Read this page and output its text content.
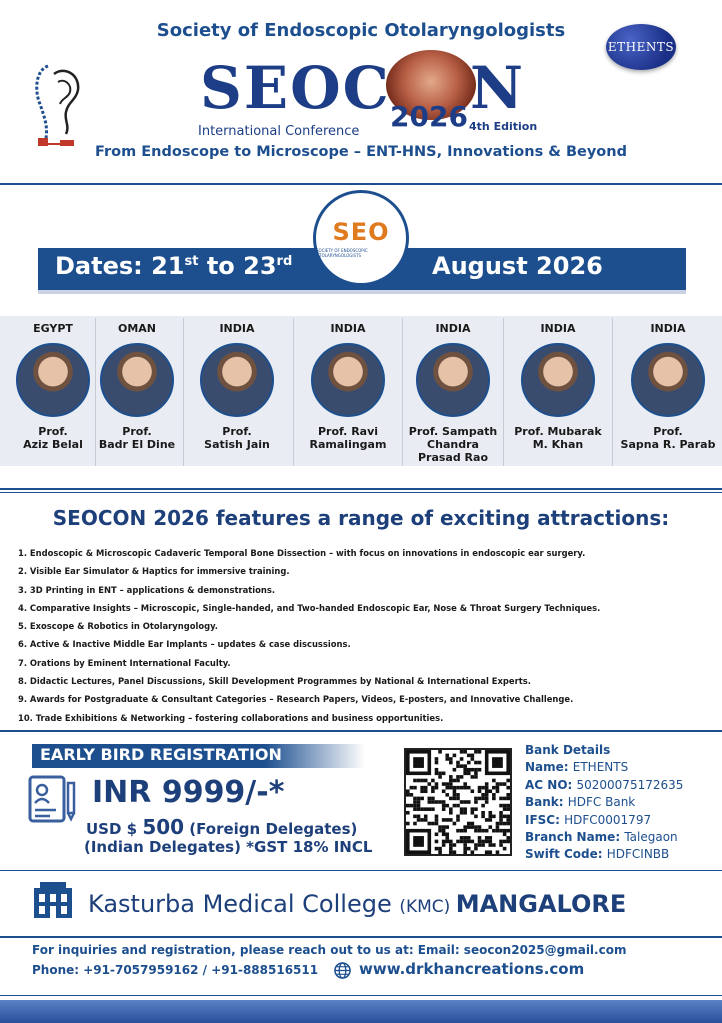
Society of Endoscopic Otolaryngologists
ETHENTS
SEOC N
2026 4th Edition
International Conference
From Endoscope to Microscope – ENT-HNS, Innovations & Beyond
Dates: 21st to 23rd	August 2026
SEO
SOCIETY OF ENDOSCOPIC OTOLARYNGOLOGISTS
EGYPT
Prof.
Aziz Belal
OMAN
Prof.
Badr El Dine
INDIA
Prof.
Satish Jain
INDIA
Prof. Ravi
Ramalingam
INDIA
Prof. Sampath
Chandra
Prasad Rao
INDIA
Prof. Mubarak
M. Khan
INDIA
Prof.
Sapna R. Parab
SEOCON 2026 features a range of exciting attractions:
1. Endoscopic & Microscopic Cadaveric Temporal Bone Dissection – with focus on innovations in endoscopic ear surgery.
2. Visible Ear Simulator & Haptics for immersive training.
3. 3D Printing in ENT – applications & demonstrations.
4. Comparative Insights – Microscopic, Single-handed, and Two-handed Endoscopic Ear, Nose & Throat Surgery Techniques.
5. Exoscope & Robotics in Otolaryngology.
6. Active & Inactive Middle Ear Implants – updates & case discussions.
7. Orations by Eminent International Faculty.
8. Didactic Lectures, Panel Discussions, Skill Development Programmes by National & International Experts.
9. Awards for Postgraduate & Consultant Categories – Research Papers, Videos, E-posters, and Innovative Challenge.
10. Trade Exhibitions & Networking – fostering collaborations and business opportunities.
EARLY BIRD REGISTRATION
INR 9999/-*
USD $ 500 (Foreign Delegates)
(Indian Delegates) *GST 18% INCL
Bank Details
Name: ETHENTS
AC NO: 50200075172635
Bank: HDFC Bank
IFSC: HDFC0001797
Branch Name: Talegaon
Swift Code: HDFCINBB
Kasturba Medical College (KMC) MANGALORE
For inquiries and registration, please reach out to us at: Email: seocon2025@gmail.com
Phone: +91-7057959162 / +91-888516511	www.drkhancreations.com
